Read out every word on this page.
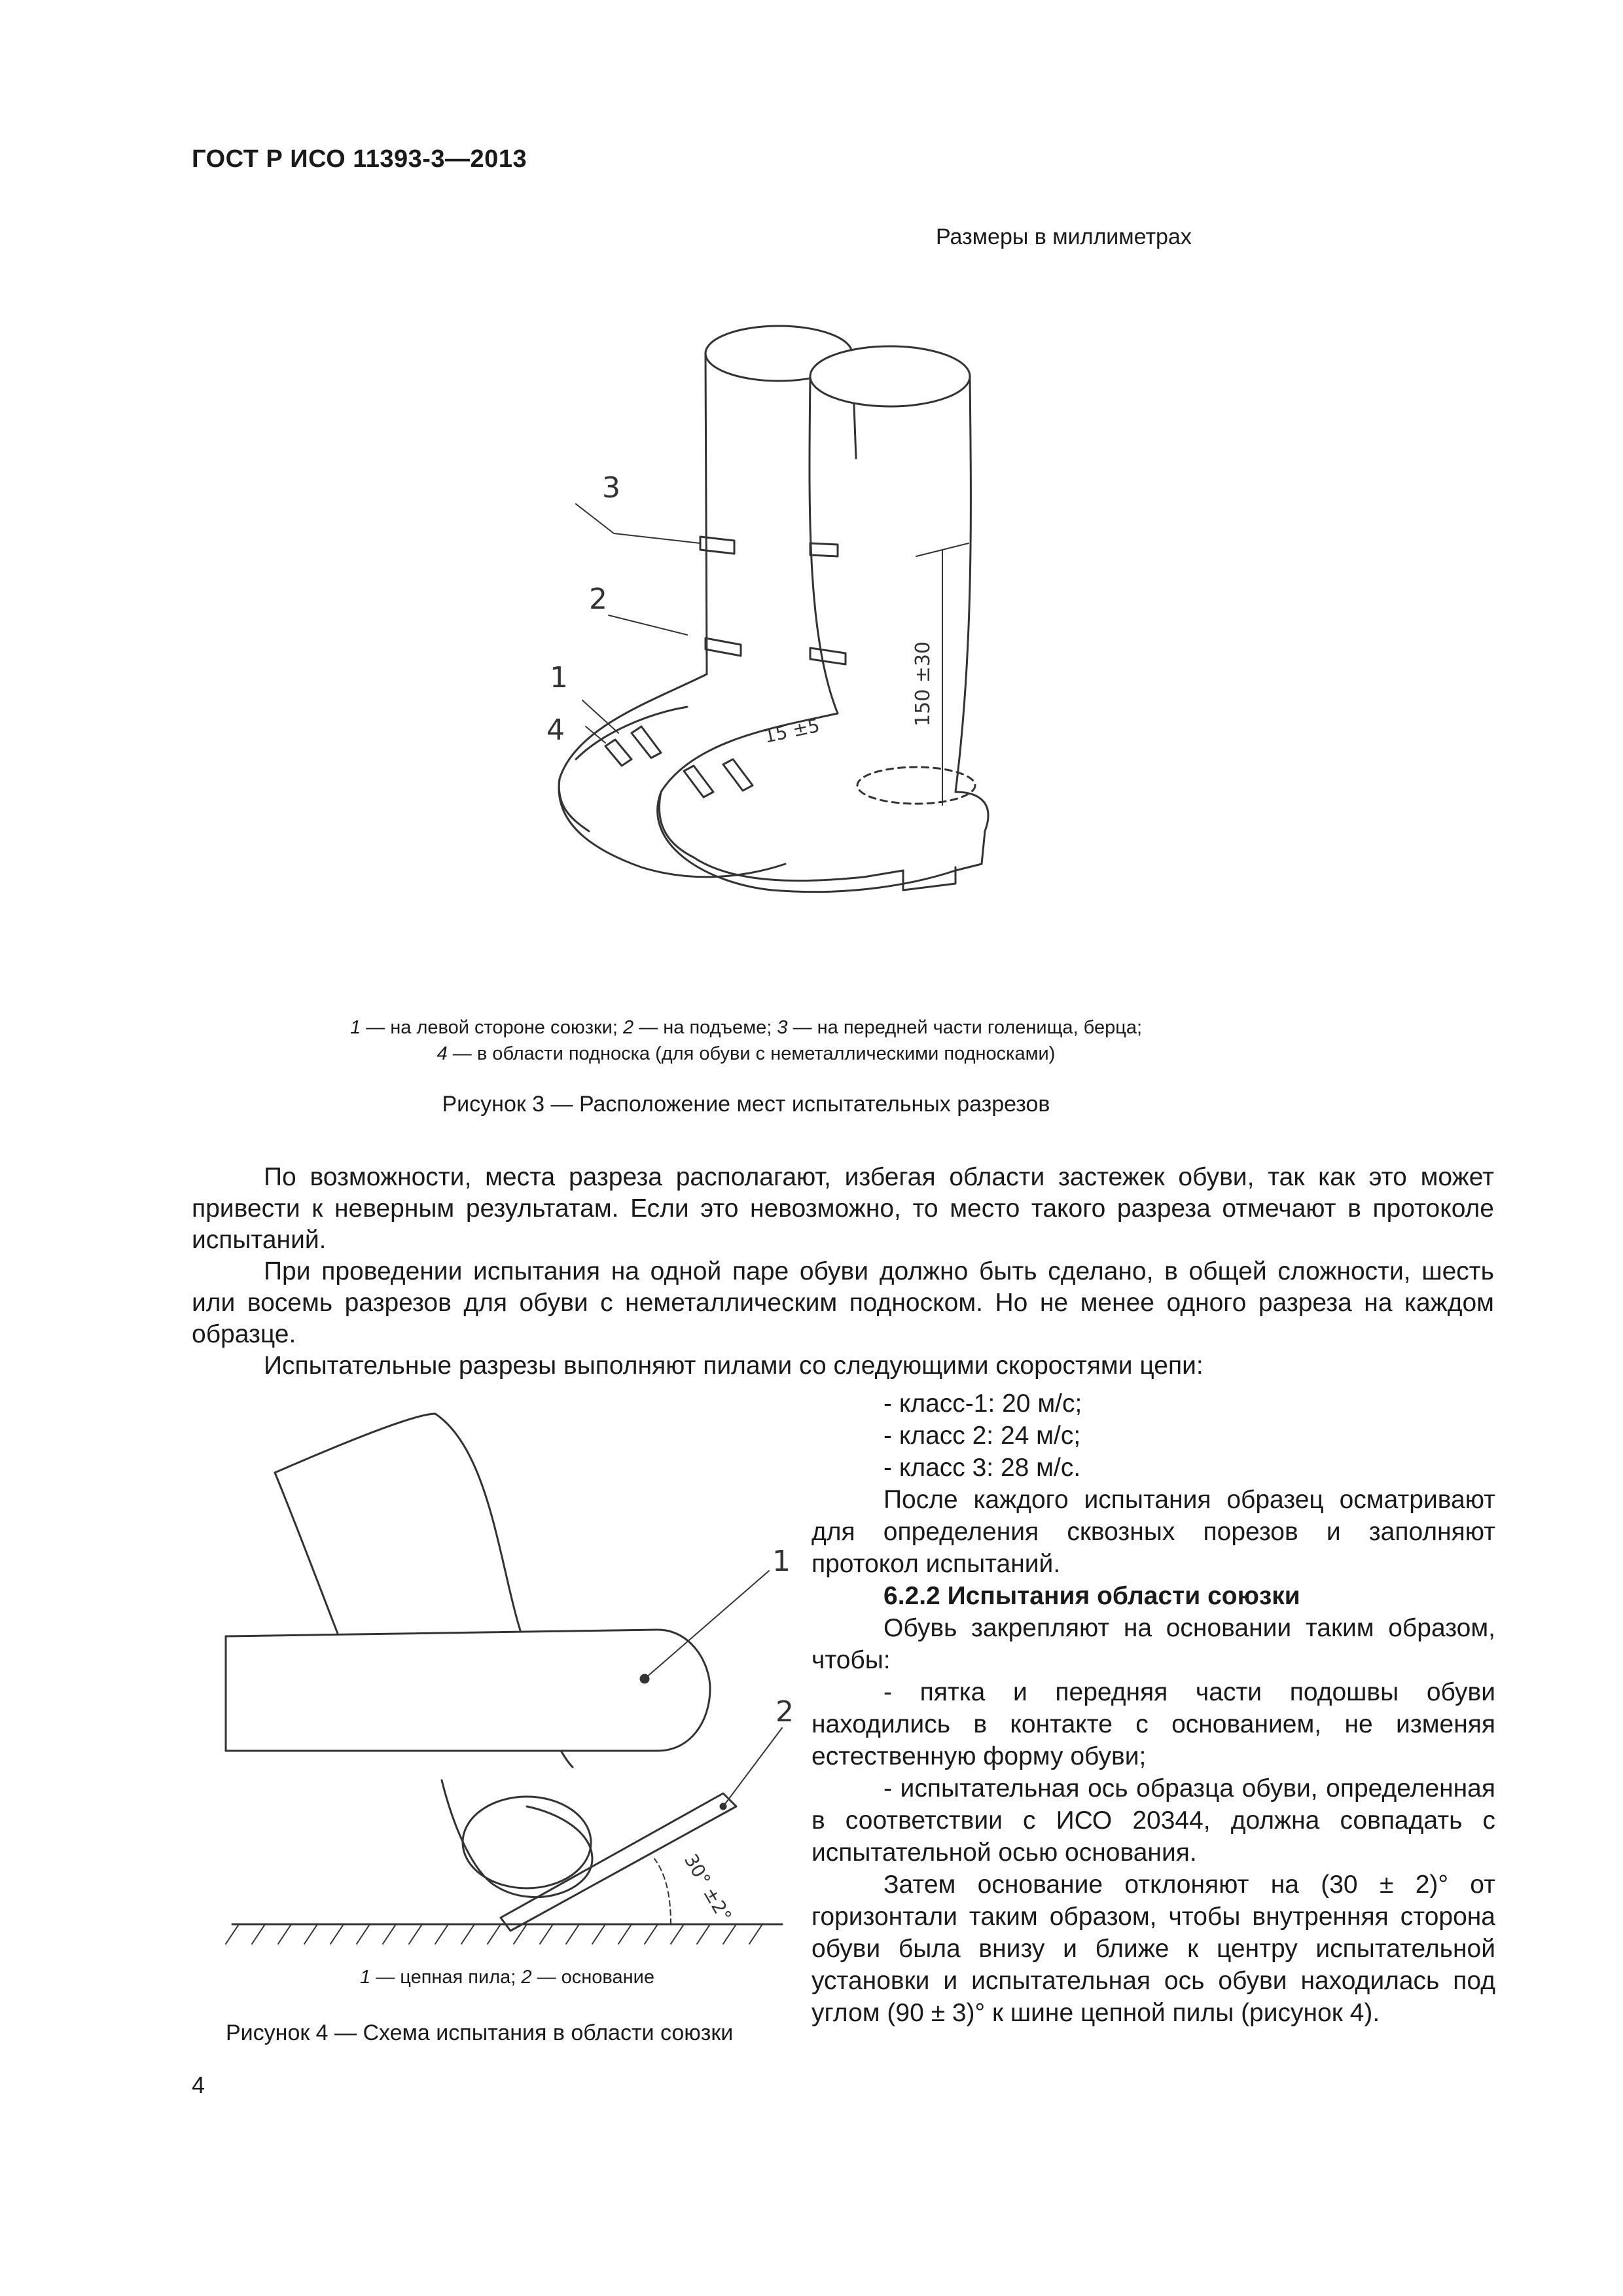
ГОСТ Р ИСО 11393-3—2013
Размеры в миллиметрах
3
2
1
4
150 ±30
15 ±5
1 — на левой стороне союзки; 2 — на подъеме; 3 — на передней части голенища, берца;
4 — в области подноска (для обуви с неметаллическими подносками)
Рисунок 3 — Расположение мест испытательных разрезов

По возможности, места разреза располагают, избегая области застежек обуви, так как это может привести к неверным результатам. Если это невозможно, то место такого разреза отмечают в протоколе испытаний.

При проведении испытания на одной паре обуви должно быть сделано, в общей сложности, шесть или восемь разрезов для обуви с неметаллическим подноском. Но не менее одного разреза на каждом образце.

Испытательные разрезы выполняют пилами со следующими скоростями цепи:

1
2
30° ±2°
- класс-1: 20 м/с;
- класс 2: 24 м/с;
- класс 3: 28 м/с.

После каждого испытания образец осматривают для определения сквозных порезов и заполняют протокол испытаний.

6.2.2 Испытания области союзки

Обувь закрепляют на основании таким образом, чтобы:

- пятка и передняя части подошвы обуви находились в контакте с основанием, не изменяя естественную форму обуви;

- испытательная ось образца обуви, определенная в соответствии с ИСО 20344, должна совпадать с испытательной осью основания.

Затем основание отклоняют на (30 ± 2)° от горизонтали таким образом, чтобы внутренняя сторона обуви была внизу и ближе к центру испытательной установки и испытательная ось обуви находилась под углом (90 ± 3)° к шине цепной пилы (рисунок 4).

1 — цепная пила; 2 — основание
Рисунок 4 — Схема испытания в области союзки
4
